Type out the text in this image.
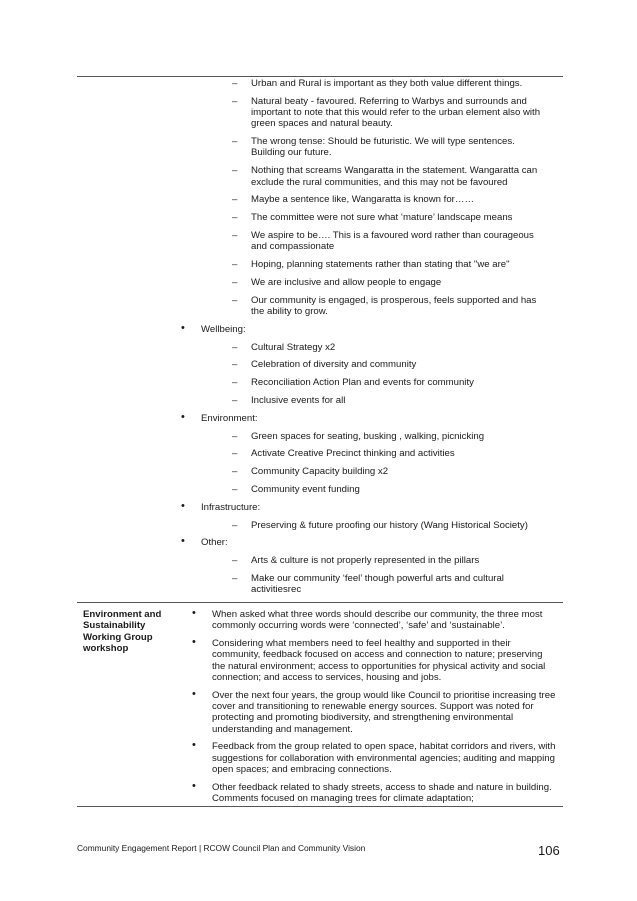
– Urban and Rural is important as they both value different things.
– Natural beaty - favoured. Referring to Warbys and surrounds and important to note that this would refer to the urban element also with green spaces and natural beauty.
– The wrong tense: Should be futuristic. We will type sentences. Building our future.
– Nothing that screams Wangaratta in the statement. Wangaratta can exclude the rural communities, and this may not be favoured
– Maybe a sentence like, Wangaratta is known for……
– The committee were not sure what ‘mature’ landscape means
– We aspire to be…. This is a favoured word rather than courageous and compassionate
– Hoping, planning statements rather than stating that "we are"
– We are inclusive and allow people to engage
– Our community is engaged, is prosperous, feels supported and has the ability to grow.
• Wellbeing:
– Cultural Strategy x2
– Celebration of diversity and community
– Reconciliation Action Plan and events for community
– Inclusive events for all
• Environment:
– Green spaces for seating, busking , walking, picnicking
– Activate Creative Precinct thinking and activities
– Community Capacity building x2
– Community event funding
• Infrastructure:
– Preserving & future proofing our history (Wang Historical Society)
• Other:
– Arts & culture is not properly represented in the pillars
– Make our community ‘feel’ though powerful arts and cultural activitiesrec
Environment and Sustainability Working Group workshop
• When asked what three words should describe our community, the three most commonly occurring words were ‘connected’, ‘safe’ and ‘sustainable’.
• Considering what members need to feel healthy and supported in their community, feedback focused on access and connection to nature; preserving the natural environment; access to opportunities for physical activity and social connection; and access to services, housing and jobs.
• Over the next four years, the group would like Council to prioritise increasing tree cover and transitioning to renewable energy sources. Support was noted for protecting and promoting biodiversity, and strengthening environmental understanding and management.
• Feedback from the group related to open space, habitat corridors and rivers, with suggestions for collaboration with environmental agencies; auditing and mapping open spaces; and embracing connections.
• Other feedback related to shady streets, access to shade and nature in building. Comments focused on managing trees for climate adaptation;
Community Engagement Report | RCOW Council Plan and Community Vision	106
